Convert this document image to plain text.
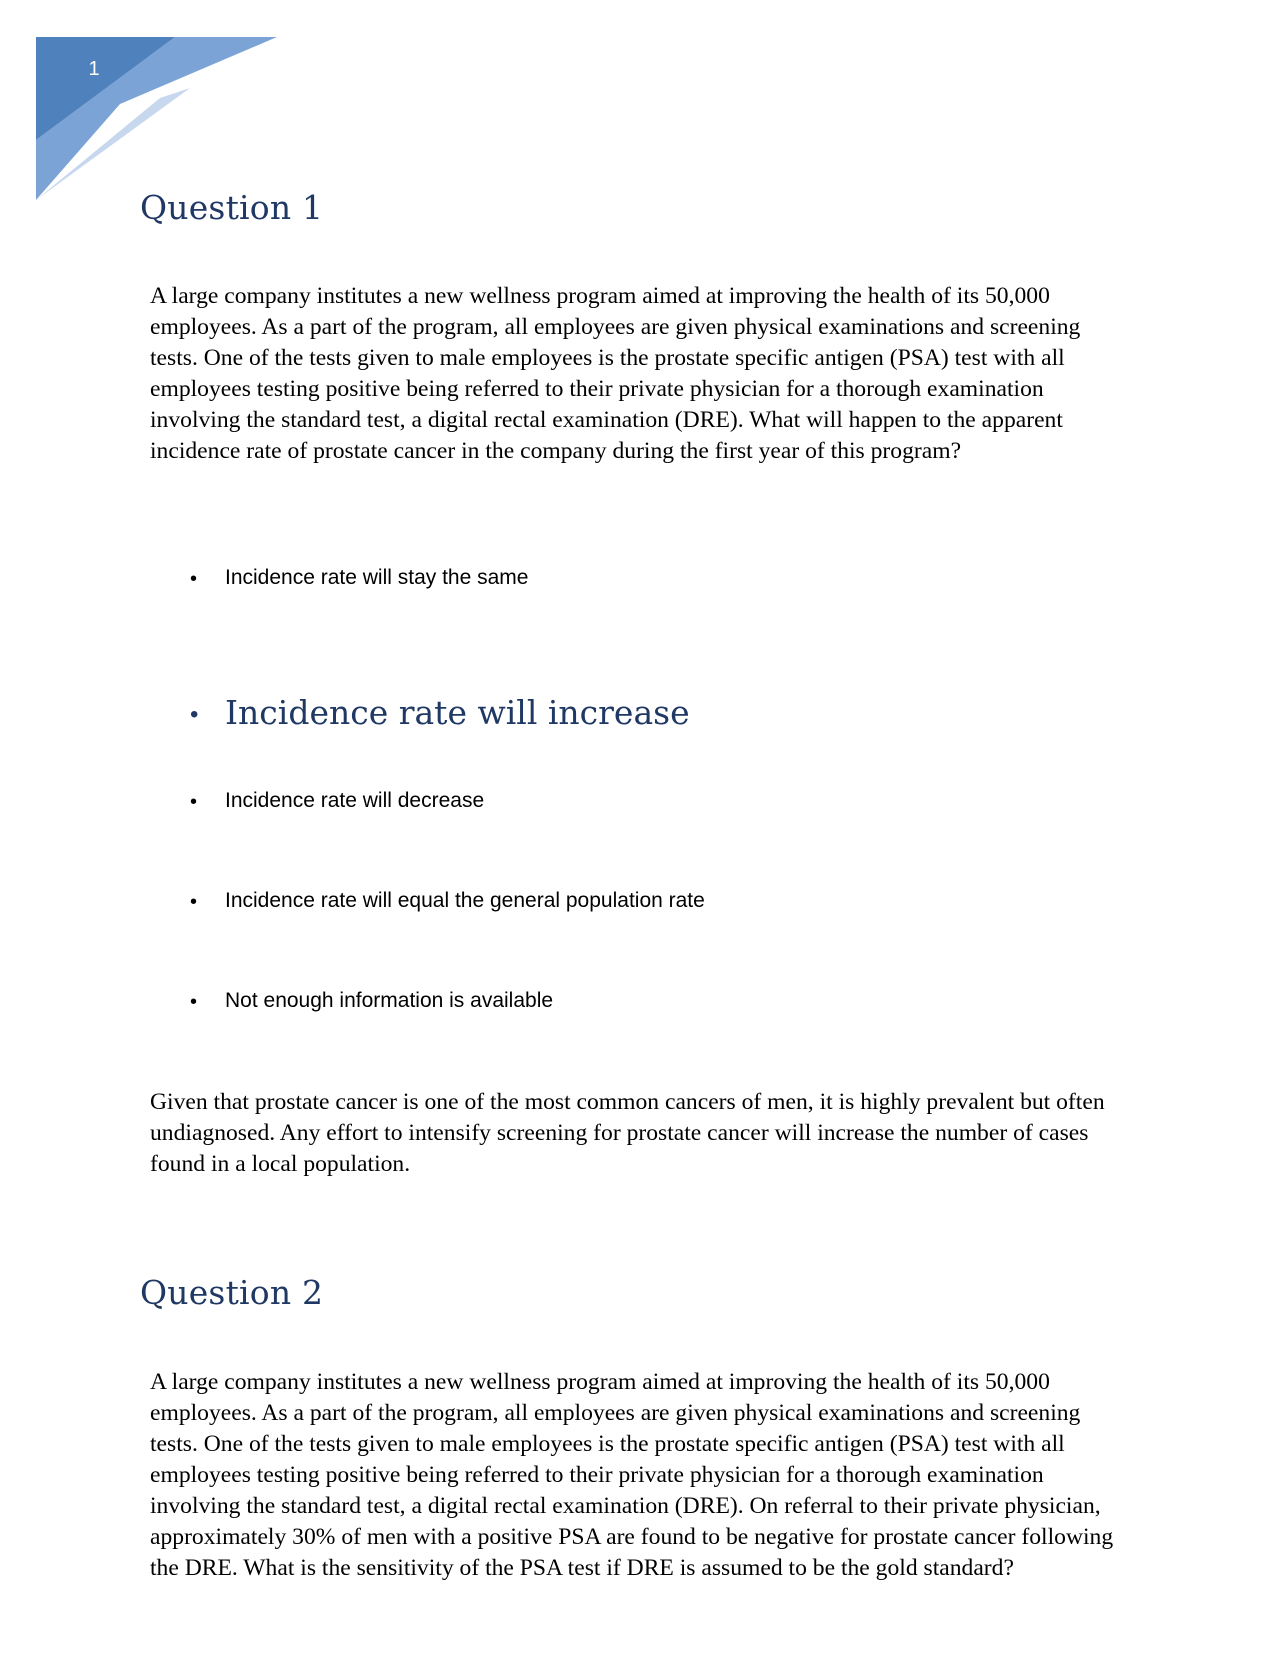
1
Question 1

A large company institutes a new wellness program aimed at improving the health of its 50,000 employees. As a part of the program, all employees are given physical examinations and screening tests. One of the tests given to male employees is the prostate specific antigen (PSA) test with all employees testing positive being referred to their private physician for a thorough examination involving the standard test, a digital rectal examination (DRE). What will happen to the apparent incidence rate of prostate cancer in the company during the first year of this program?

• Incidence rate will stay the same

• Incidence rate will increase

• Incidence rate will decrease

• Incidence rate will equal the general population rate

• Not enough information is available

Given that prostate cancer is one of the most common cancers of men, it is highly prevalent but often undiagnosed. Any effort to intensify screening for prostate cancer will increase the number of cases found in a local population.

Question 2

A large company institutes a new wellness program aimed at improving the health of its 50,000 employees. As a part of the program, all employees are given physical examinations and screening tests. One of the tests given to male employees is the prostate specific antigen (PSA) test with all employees testing positive being referred to their private physician for a thorough examination involving the standard test, a digital rectal examination (DRE). On referral to their private physician, approximately 30% of men with a positive PSA are found to be negative for prostate cancer following the DRE. What is the sensitivity of the PSA test if DRE is assumed to be the gold standard?
